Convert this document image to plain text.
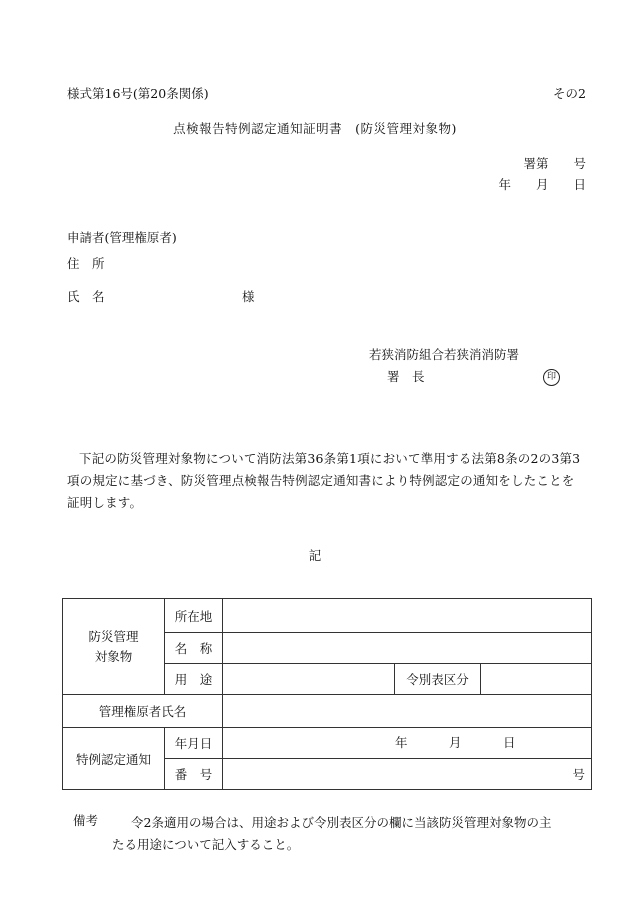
様式第16号(第20条関係)	その2
点検報告特例認定通知証明書　(防災管理対象物)
署第　　号
年　　月　　日
申請者(管理権原者)
住　所
氏　名	様
若狭消防組合若狭消消防署
署　長	印
下記の防災管理対象物について消防法第36条第1項において準用する法第8条の2の3第3項の規定に基づき、防災管理点検報告特例認定通知書により特例認定の通知をしたことを証明します。
記
防災管理
対象物	所在地			
	名　称			
	用　途		令別表区分	
管理権原者氏名				
特例認定通知	年月日	年 月 日		

	番　号	号		
備考	令2条適用の場合は、用途および令別表区分の欄に当該防災管理対象物の主
たる用途について記入すること。
